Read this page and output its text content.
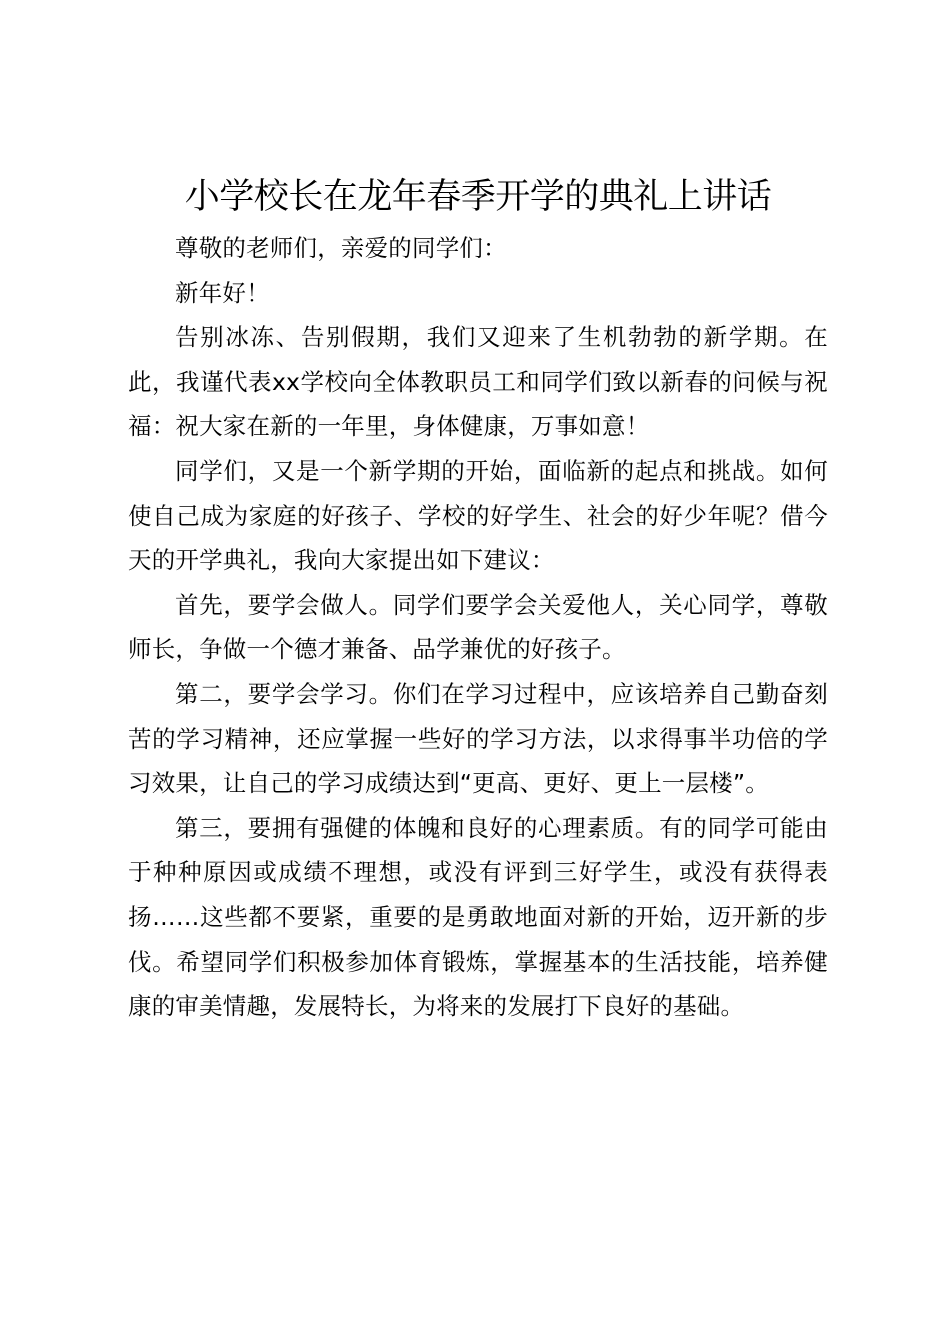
小学校长在龙年春季开学的典礼上讲话

尊敬的老师们，亲爱的同学们：

新年好！

告别冰冻、告别假期，我们又迎来了生机勃勃的新学期。在此，我谨代表xx学校向全体教职员工和同学们致以新春的问候与祝福：祝大家在新的一年里，身体健康，万事如意！

同学们，又是一个新学期的开始，面临新的起点和挑战。如何使自己成为家庭的好孩子、学校的好学生、社会的好少年呢？借今天的开学典礼，我向大家提出如下建议：

首先，要学会做人。同学们要学会关爱他人，关心同学，尊敬师长，争做一个德才兼备、品学兼优的好孩子。

第二，要学会学习。你们在学习过程中，应该培养自己勤奋刻苦的学习精神，还应掌握一些好的学习方法，以求得事半功倍的学习效果，让自己的学习成绩达到“更高、更好、更上一层楼”。

第三，要拥有强健的体魄和良好的心理素质。有的同学可能由于种种原因或成绩不理想，或没有评到三好学生，或没有获得表扬……这些都不要紧，重要的是勇敢地面对新的开始，迈开新的步伐。希望同学们积极参加体育锻炼，掌握基本的生活技能，培养健康的审美情趣，发展特长，为将来的发展打下良好的基础。
